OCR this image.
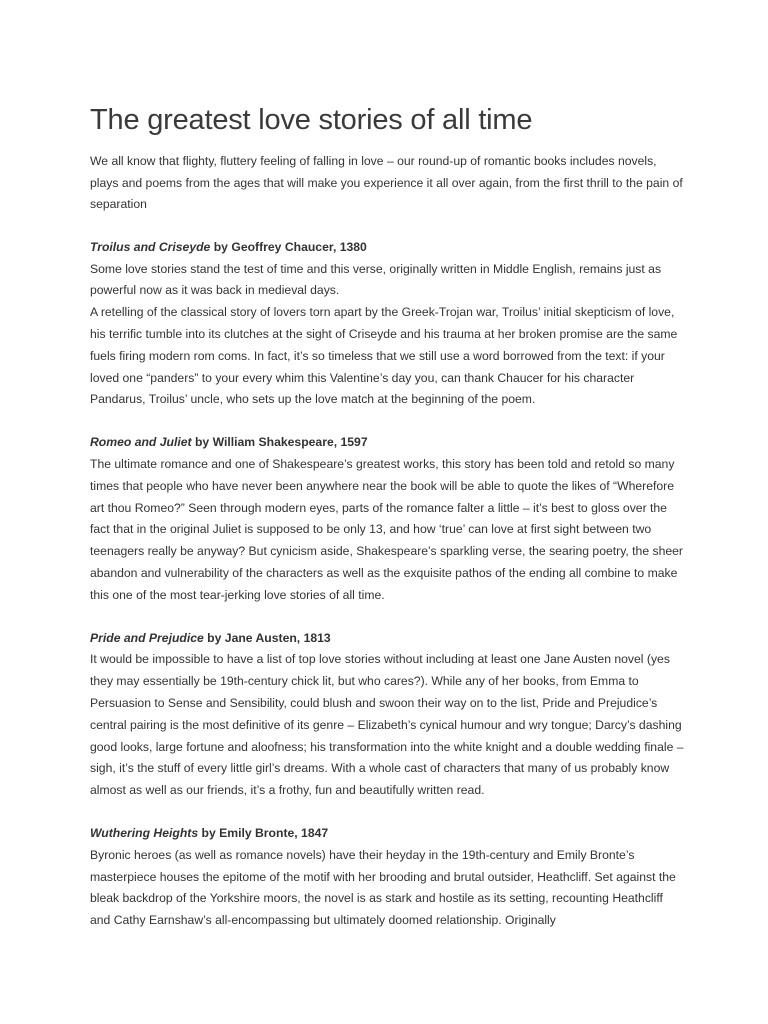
The greatest love stories of all time

We all know that flighty, fluttery feeling of falling in love – our round-up of romantic books includes novels, plays and poems from the ages that will make you experience it all over again, from the first thrill to the pain of separation

Troilus and Criseyde by Geoffrey Chaucer, 1380

Some love stories stand the test of time and this verse, originally written in Middle English, remains just as powerful now as it was back in medieval days.

A retelling of the classical story of lovers torn apart by the Greek-Trojan war, Troilus’ initial skepticism of love, his terrific tumble into its clutches at the sight of Criseyde and his trauma at her broken promise are the same fuels firing modern rom coms. In fact, it’s so timeless that we still use a word borrowed from the text: if your loved one “panders” to your every whim this Valentine’s day you, can thank Chaucer for his character Pandarus, Troilus’ uncle, who sets up the love match at the beginning of the poem.

Romeo and Juliet by William Shakespeare, 1597

The ultimate romance and one of Shakespeare’s greatest works, this story has been told and retold so many times that people who have never been anywhere near the book will be able to quote the likes of “Wherefore art thou Romeo?” Seen through modern eyes, parts of the romance falter a little – it’s best to gloss over the fact that in the original Juliet is supposed to be only 13, and how ‘true’ can love at first sight between two teenagers really be anyway? But cynicism aside, Shakespeare’s sparkling verse, the searing poetry, the sheer abandon and vulnerability of the characters as well as the exquisite pathos of the ending all combine to make this one of the most tear-jerking love stories of all time.

Pride and Prejudice by Jane Austen, 1813

It would be impossible to have a list of top love stories without including at least one Jane Austen novel (yes they may essentially be 19th-century chick lit, but who cares?). While any of her books, from Emma to Persuasion to Sense and Sensibility, could blush and swoon their way on to the list, Pride and Prejudice’s central pairing is the most definitive of its genre – Elizabeth’s cynical humour and wry tongue; Darcy’s dashing good looks, large fortune and aloofness; his transformation into the white knight and a double wedding finale – sigh, it’s the stuff of every little girl’s dreams. With a whole cast of characters that many of us probably know almost as well as our friends, it’s a frothy, fun and beautifully written read.

Wuthering Heights by Emily Bronte, 1847

Byronic heroes (as well as romance novels) have their heyday in the 19th-century and Emily Bronte’s masterpiece houses the epitome of the motif with her brooding and brutal outsider, Heathcliff. Set against the bleak backdrop of the Yorkshire moors, the novel is as stark and hostile as its setting, recounting Heathcliff and Cathy Earnshaw’s all-encompassing but ultimately doomed relationship. Originally
